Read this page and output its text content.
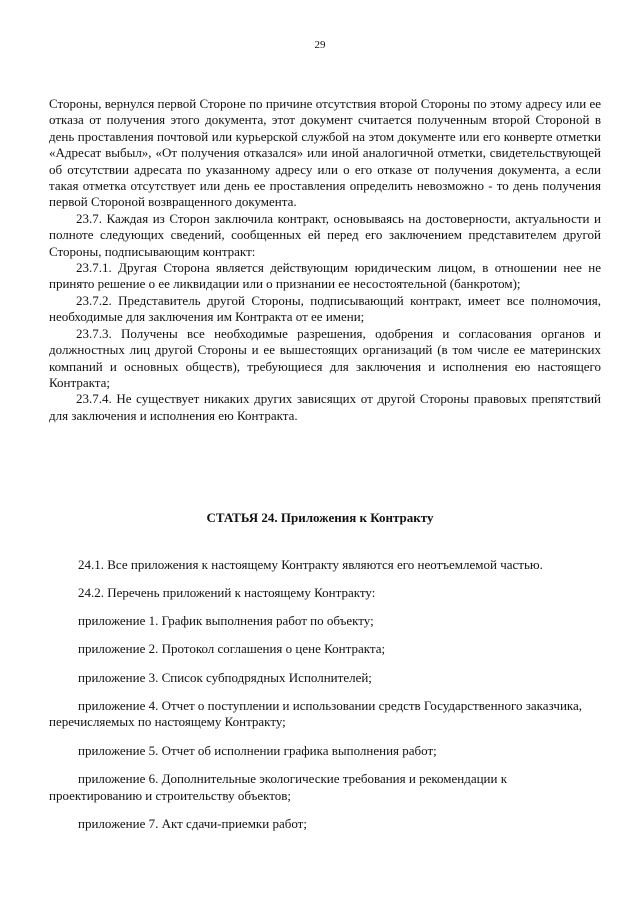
29

Стороны, вернулся первой Стороне по причине отсутствия второй Стороны по этому адресу или ее отказа от получения этого документа, этот документ считается полученным второй Стороной в день проставления почтовой или курьерской службой на этом документе или его конверте отметки «Адресат выбыл», «От получения отказался» или иной аналогичной отметки, свидетельствующей об отсутствии адресата по указанному адресу или о его отказе от получения документа, а если такая отметка отсутствует или день ее проставления определить невозможно - то день получения первой Стороной возвращенного документа.

23.7. Каждая из Сторон заключила контракт, основываясь на достоверности, актуальности и полноте следующих сведений, сообщенных ей перед его заключением представителем другой Стороны, подписывающим контракт:

23.7.1. Другая Сторона является действующим юридическим лицом, в отношении нее не принято решение о ее ликвидации или о признании ее несостоятельной (банкротом);

23.7.2. Представитель другой Стороны, подписывающий контракт, имеет все полномочия, необходимые для заключения им Контракта от ее имени;

23.7.3. Получены все необходимые разрешения, одобрения и согласования органов и должностных лиц другой Стороны и ее вышестоящих организаций (в том числе ее материнских компаний и основных обществ), требующиеся для заключения и исполнения ею настоящего Контракта;

23.7.4. Не существует никаких других зависящих от другой Стороны правовых препятствий для заключения и исполнения ею Контракта.

СТАТЬЯ 24. Приложения к Контракту

24.1. Все приложения к настоящему Контракту являются его неотъемлемой частью.

24.2. Перечень приложений к настоящему Контракту:

приложение 1. График выполнения работ по объекту;

приложение 2. Протокол соглашения о цене Контракта;

приложение 3. Список субподрядных Исполнителей;

приложение 4. Отчет о поступлении и использовании средств Государственного заказчика, перечисляемых по настоящему Контракту;

приложение 5. Отчет об исполнении графика выполнения работ;

приложение 6. Дополнительные экологические требования и рекомендации к проектированию и строительству объектов;

приложение 7. Акт сдачи-приемки работ;
